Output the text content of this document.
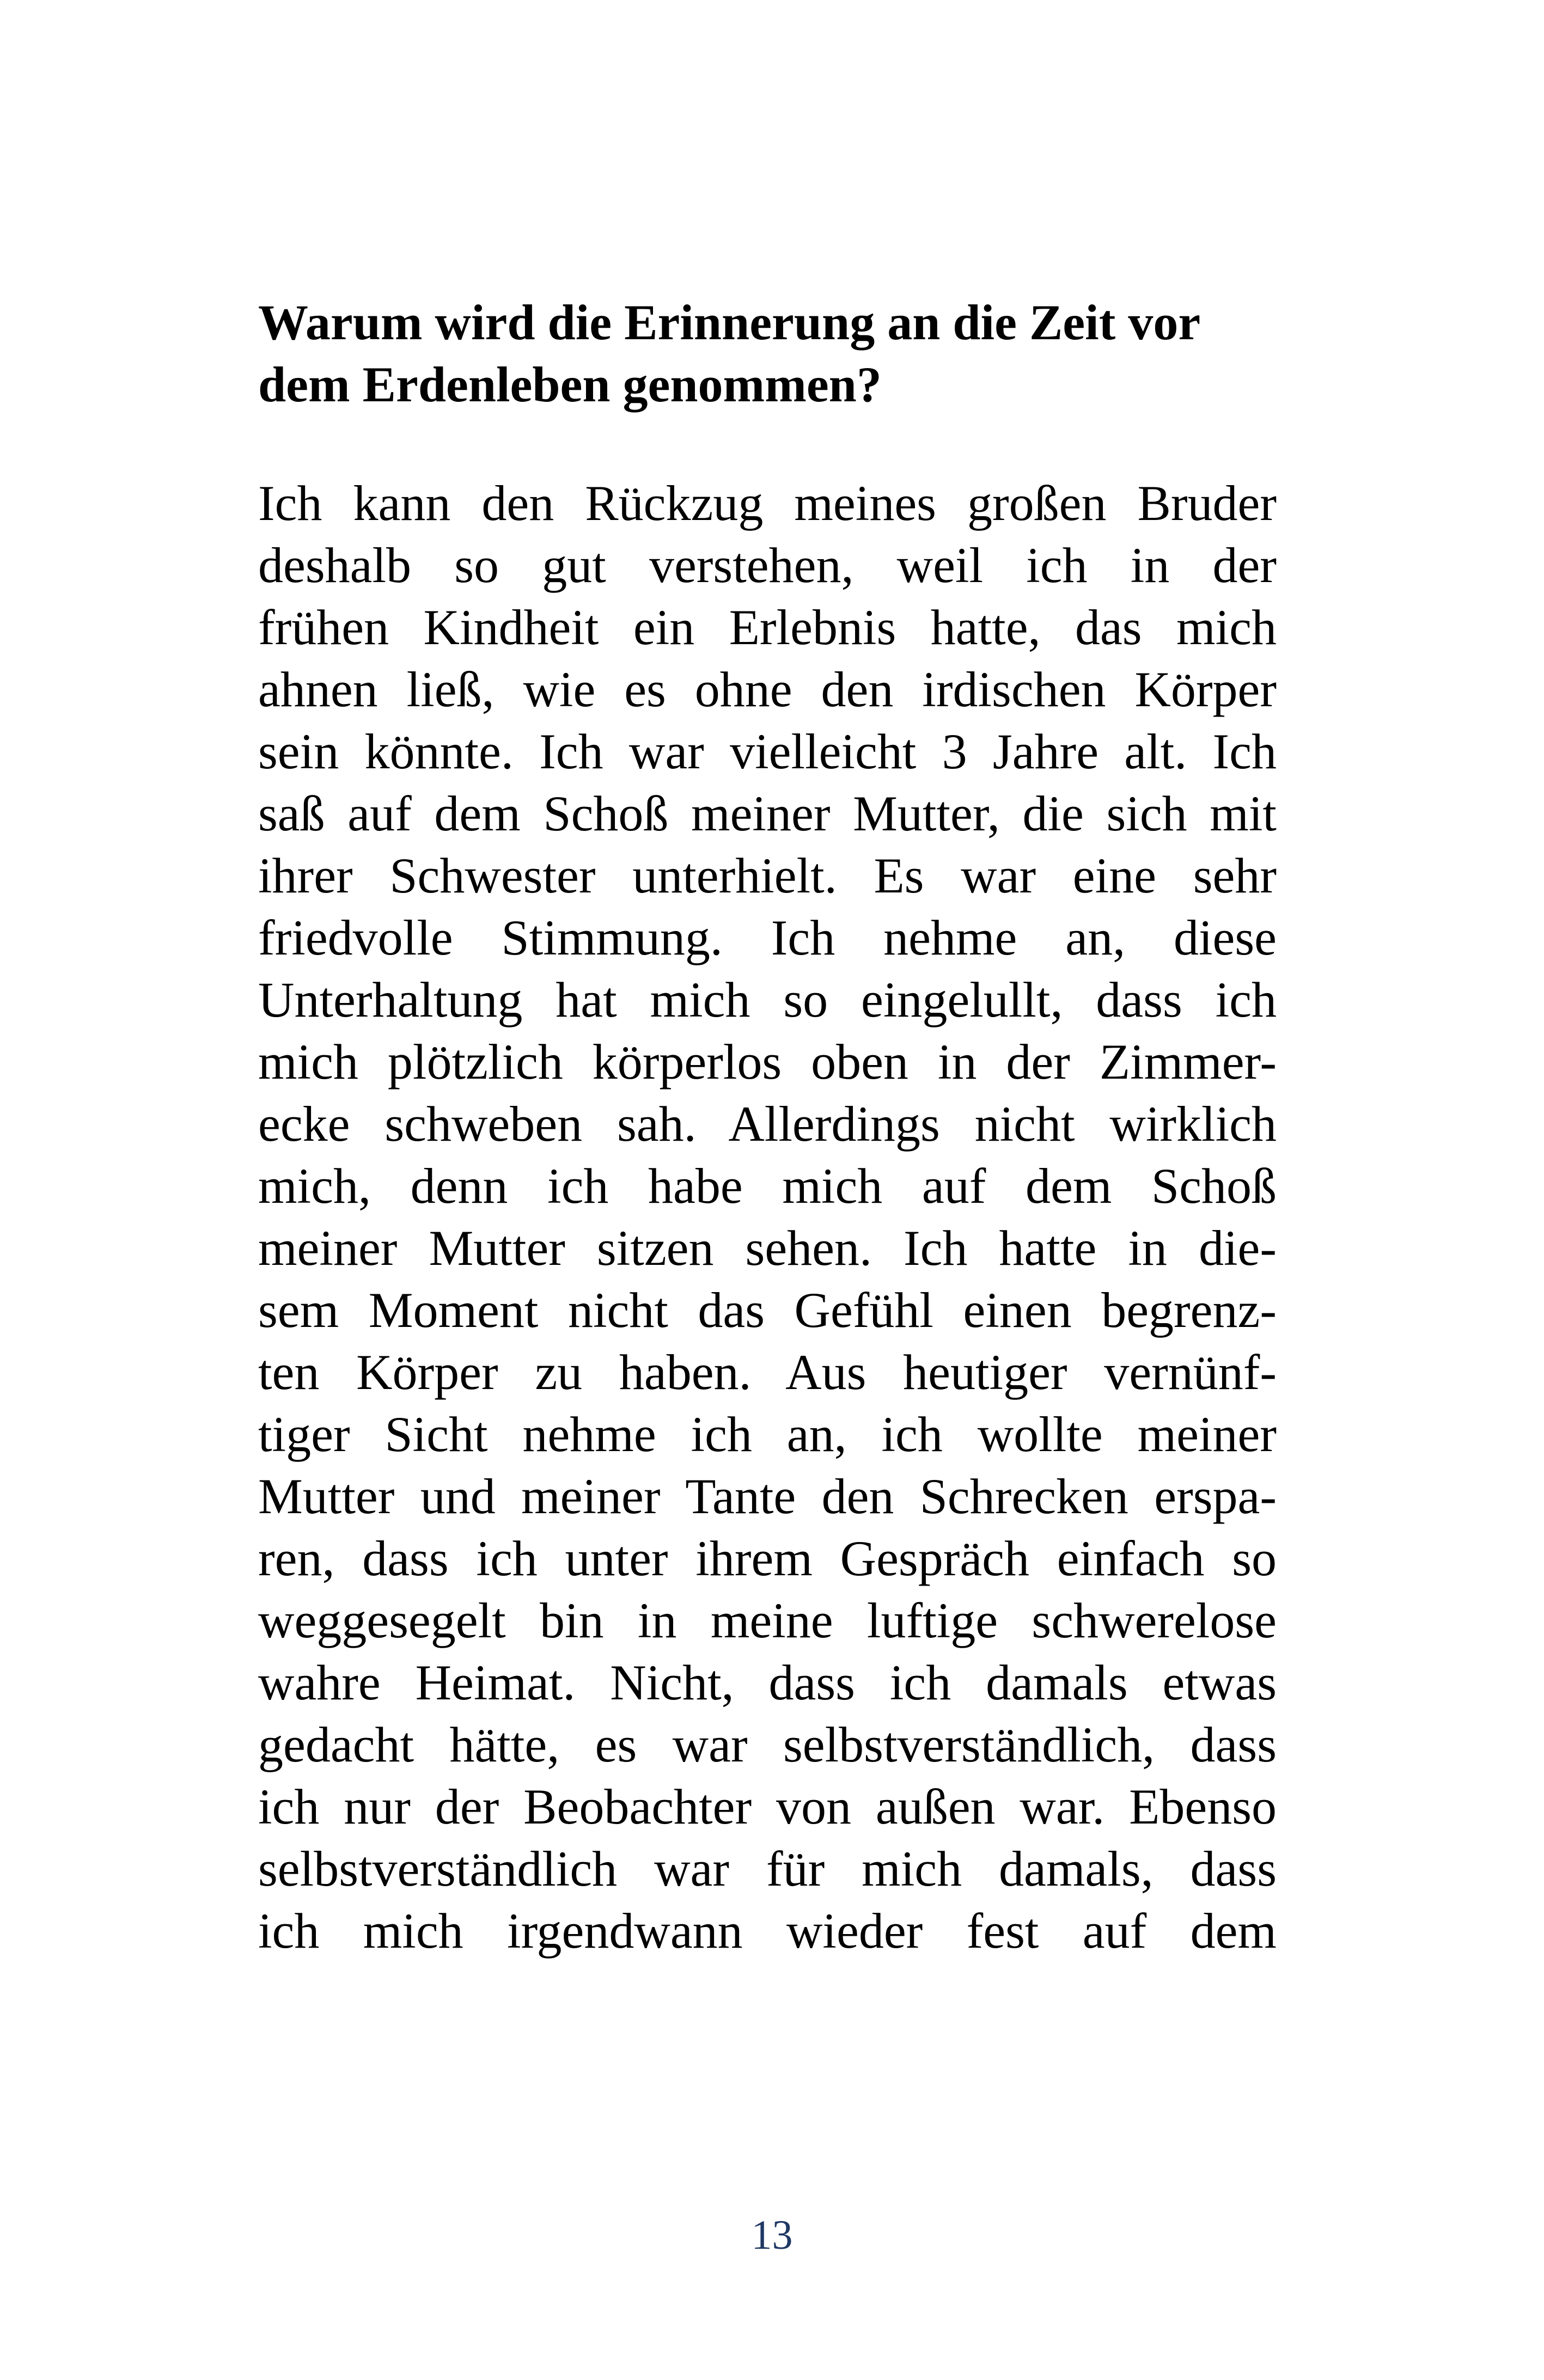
Warum wird die Erinnerung an die Zeit vor
dem Erdenleben genommen?
Ich kann den Rückzug meines großen Bruder
deshalb so gut verstehen, weil ich in der
frühen Kindheit ein Erlebnis hatte, das mich
ahnen ließ, wie es ohne den irdischen Körper
sein könnte. Ich war vielleicht 3 Jahre alt. Ich
saß auf dem Schoß meiner Mutter, die sich mit
ihrer Schwester unterhielt. Es war eine sehr
friedvolle Stimmung. Ich nehme an, diese
Unterhaltung hat mich so eingelullt, dass ich
mich plötzlich körperlos oben in der Zimmer-
ecke schweben sah. Allerdings nicht wirklich
mich, denn ich habe mich auf dem Schoß
meiner Mutter sitzen sehen. Ich hatte in die-
sem Moment nicht das Gefühl einen begrenz-
ten Körper zu haben. Aus heutiger vernünf-
tiger Sicht nehme ich an, ich wollte meiner
Mutter und meiner Tante den Schrecken erspa-
ren, dass ich unter ihrem Gespräch einfach so
weggesegelt bin in meine luftige schwerelose
wahre Heimat. Nicht, dass ich damals etwas
gedacht hätte, es war selbstverständlich, dass
ich nur der Beobachter von außen war. Ebenso
selbstverständlich war für mich damals, dass
ich mich irgendwann wieder fest auf dem
13
